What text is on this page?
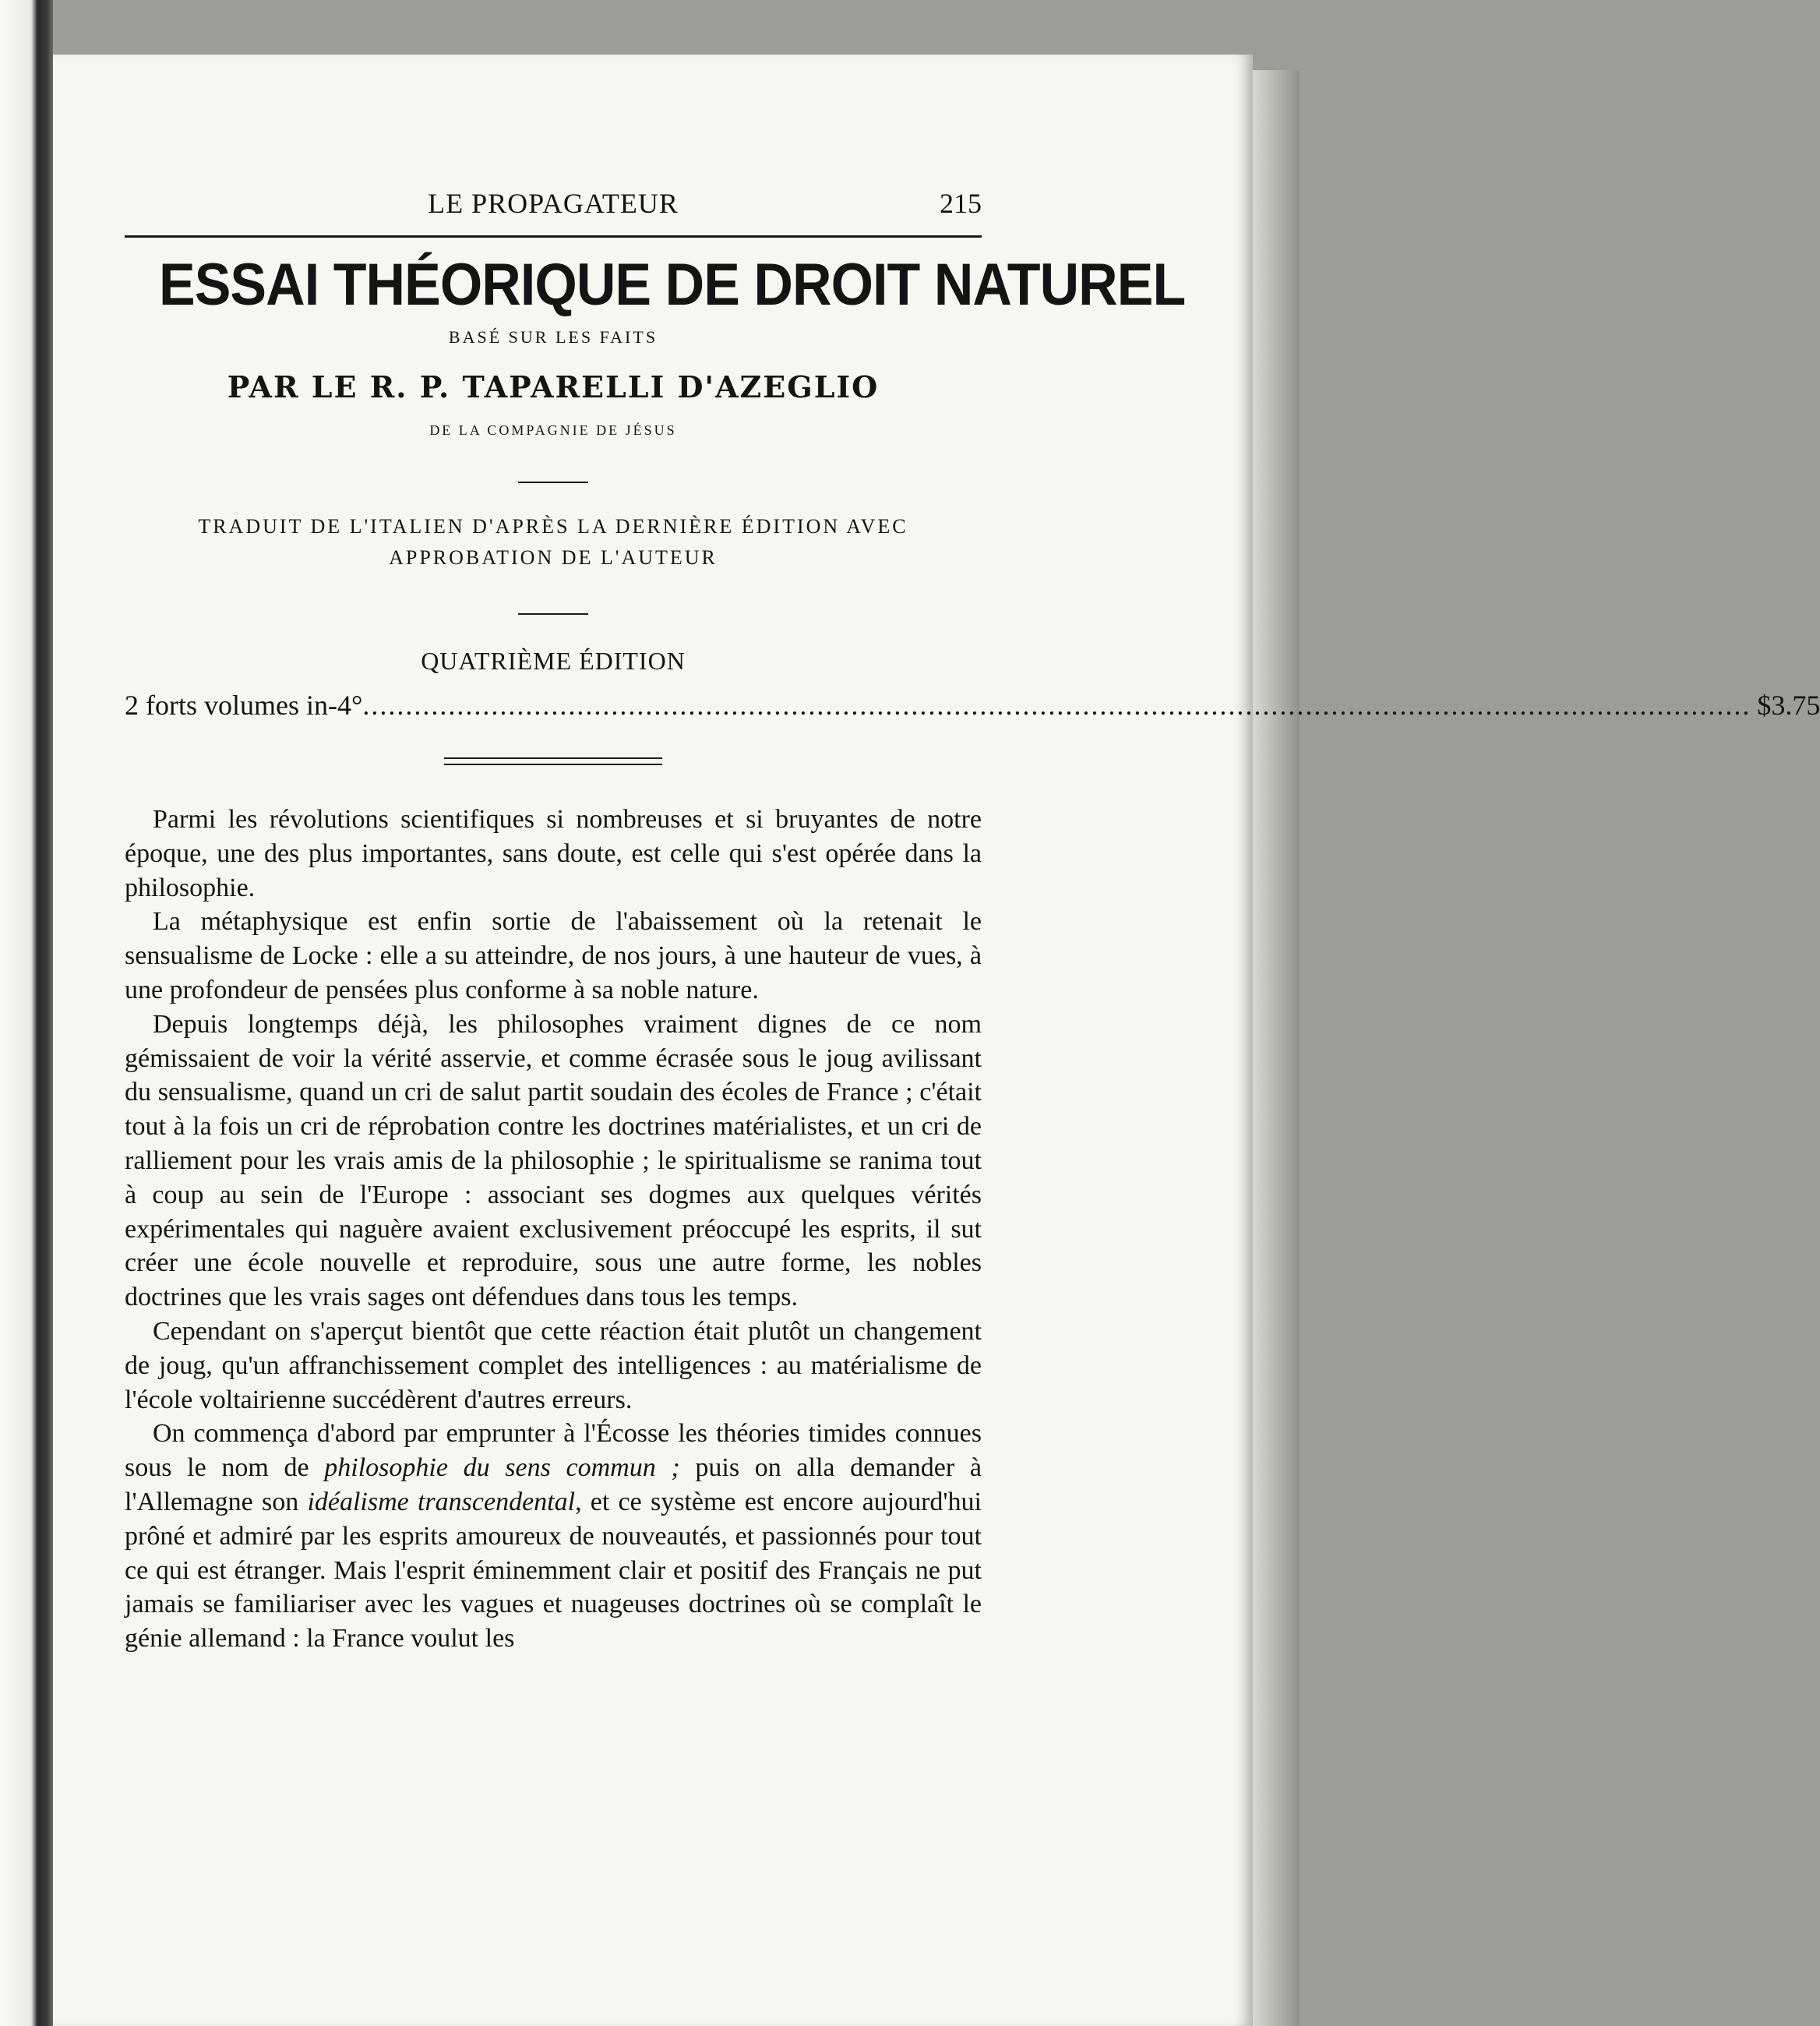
LE PROPAGATEUR	215
ESSAI THÉORIQUE DE DROIT NATUREL
BASÉ SUR LES FAITS
PAR LE R. P. TAPARELLI D'AZEGLIO
DE LA COMPAGNIE DE JÉSUS
TRADUIT DE L'ITALIEN D'APRÈS LA DERNIÈRE ÉDITION AVEC
APPROBATION DE L'AUTEUR
QUATRIÈME ÉDITION
2 forts volumes in-4° .................................................................................................................................................................. $3.75

Parmi les révolutions scientifiques si nombreuses et si bruyantes de notre époque, une des plus importantes, sans doute, est celle qui s'est opérée dans la philosophie.

La métaphysique est enfin sortie de l'abaissement où la retenait le sensualisme de Locke : elle a su atteindre, de nos jours, à une hauteur de vues, à une profondeur de pensées plus conforme à sa noble nature.

Depuis longtemps déjà, les philosophes vraiment dignes de ce nom gémissaient de voir la vérité asservie, et comme écrasée sous le joug avilissant du sensualisme, quand un cri de salut partit soudain des écoles de France ; c'était tout à la fois un cri de réprobation contre les doctrines matérialistes, et un cri de ralliement pour les vrais amis de la philosophie ; le spiritualisme se ranima tout à coup au sein de l'Europe : associant ses dogmes aux quelques vérités expérimentales qui naguère avaient exclusivement préoccupé les esprits, il sut créer une école nouvelle et reproduire, sous une autre forme, les nobles doctrines que les vrais sages ont défendues dans tous les temps.

Cependant on s'aperçut bientôt que cette réaction était plutôt un changement de joug, qu'un affranchissement complet des intelligences : au matérialisme de l'école voltairienne succédèrent d'autres erreurs.

On commença d'abord par emprunter à l'Écosse les théories timides connues sous le nom de philosophie du sens commun ; puis on alla demander à l'Allemagne son idéalisme transcendental, et ce système est encore aujourd'hui prôné et admiré par les esprits amoureux de nouveautés, et passionnés pour tout ce qui est étranger. Mais l'esprit éminemment clair et positif des Français ne put jamais se familiariser avec les vagues et nuageuses doctrines où se complaît le génie allemand : la France voulut les
